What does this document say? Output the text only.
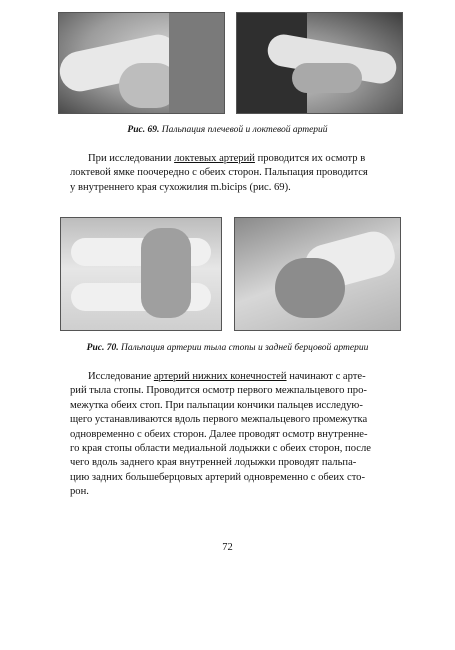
Рис. 69. Пальпация плечевой и локтевой артерий
При исследовании локтевых артерий проводится их осмотр в
локтевой ямке поочередно с обеих сторон. Пальпация проводится
у внутреннего края сухожилия m.bicips (рис. 69).
Рис. 70. Пальпация артерии тыла стопы и задней берцовой артерии
Исследование артерий нижних конечностей начинают с арте-
рий тыла стопы. Проводится осмотр первого межпальцевого про-
межутка обеих стоп. При пальпации кончики пальцев исследую-
щего устанавливаются вдоль первого межпальцевого промежутка
одновременно с обеих сторон. Далее проводят осмотр внутренне-
го края стопы области медиальной лодыжки с обеих сторон, после
чего вдоль заднего края внутренней лодыжки проводят пальпа-
цию задних большеберцовых артерий одновременно с обеих сто-
рон.
72
